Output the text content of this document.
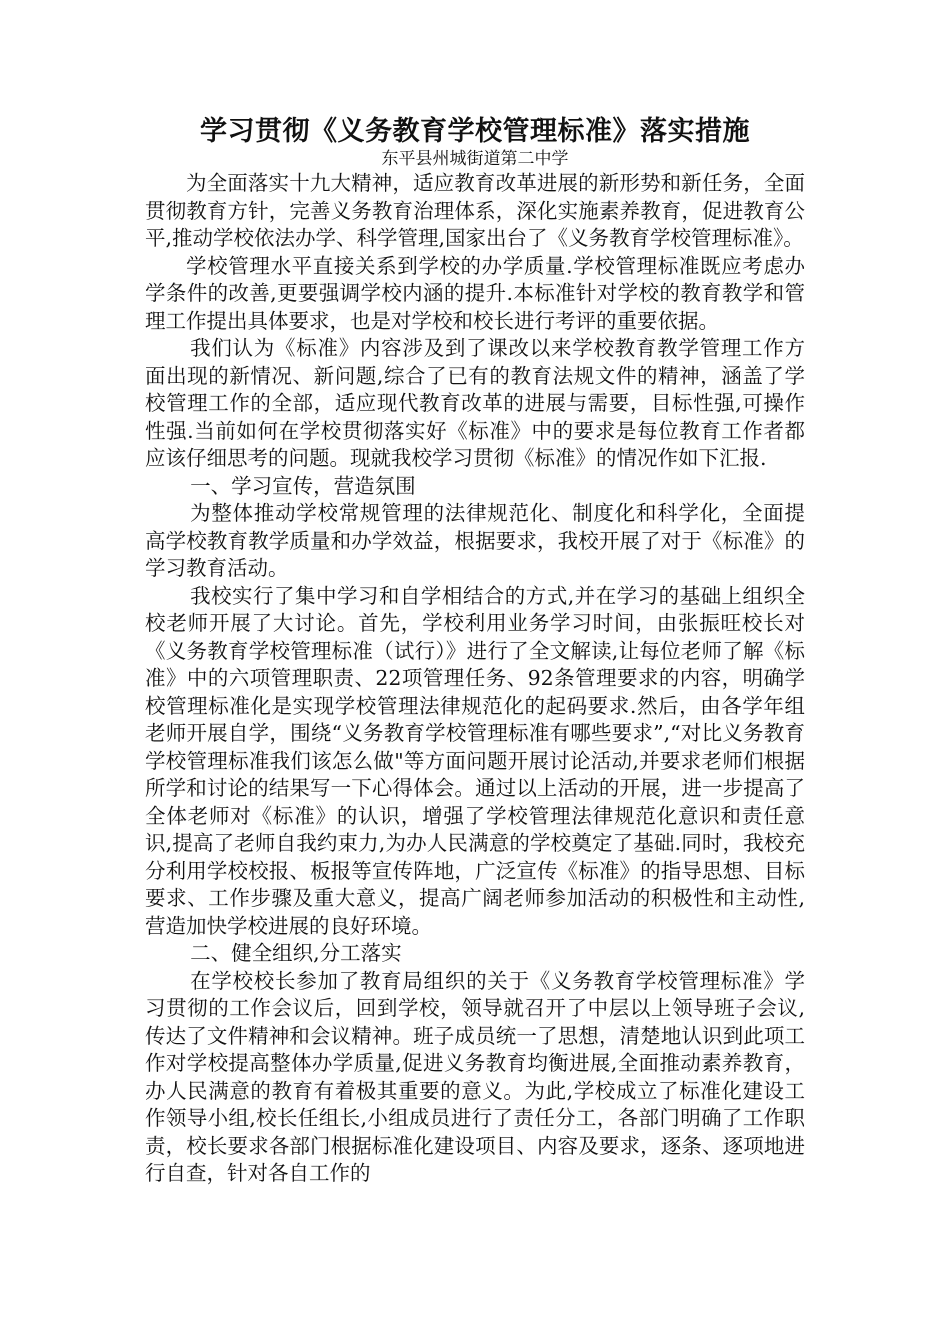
学习贯彻《义务教育学校管理标准》落实措施

东平县州城街道第二中学

为全面落实十九大精神，适应教育改革进展的新形势和新任务，全面贯彻教育方针，完善义务教育治理体系，深化实施素养教育，促进教育公平,推动学校依法办学、科学管理,国家出台了《义务教育学校管理标准》。

学校管理水平直接关系到学校的办学质量.学校管理标准既应考虑办学条件的改善,更要强调学校内涵的提升.本标准针对学校的教育教学和管理工作提出具体要求，也是对学校和校长进行考评的重要依据。

我们认为《标准》内容涉及到了课改以来学校教育教学管理工作方面出现的新情况、新问题,综合了已有的教育法规文件的精神，涵盖了学校管理工作的全部，适应现代教育改革的进展与需要，目标性强,可操作性强.当前如何在学校贯彻落实好《标准》中的要求是每位教育工作者都应该仔细思考的问题。现就我校学习贯彻《标准》的情况作如下汇报.

一、学习宣传，营造氛围

为整体推动学校常规管理的法律规范化、制度化和科学化，全面提高学校教育教学质量和办学效益，根据要求，我校开展了对于《标准》的学习教育活动。

我校实行了集中学习和自学相结合的方式,并在学习的基础上组织全校老师开展了大讨论。首先，学校利用业务学习时间，由张振旺校长对《义务教育学校管理标准（试行）》进行了全文解读,让每位老师了解《标准》中的六项管理职责、22项管理任务、92条管理要求的内容，明确学校管理标准化是实现学校管理法律规范化的起码要求.然后，由各学年组老师开展自学，围绕“义务教育学校管理标准有哪些要求”,“对比义务教育学校管理标准我们该怎么做"等方面问题开展讨论活动,并要求老师们根据所学和讨论的结果写一下心得体会。通过以上活动的开展，进一步提高了全体老师对《标准》的认识，增强了学校管理法律规范化意识和责任意识,提高了老师自我约束力,为办人民满意的学校奠定了基础.同时，我校充分利用学校校报、板报等宣传阵地，广泛宣传《标准》的指导思想、目标要求、工作步骤及重大意义，提高广阔老师参加活动的积极性和主动性,营造加快学校进展的良好环境。

二、健全组织,分工落实

在学校校长参加了教育局组织的关于《义务教育学校管理标准》学习贯彻的工作会议后，回到学校，领导就召开了中层以上领导班子会议,传达了文件精神和会议精神。班子成员统一了思想，清楚地认识到此项工作对学校提高整体办学质量,促进义务教育均衡进展,全面推动素养教育，办人民满意的教育有着极其重要的意义。为此,学校成立了标准化建设工作领导小组,校长任组长,小组成员进行了责任分工，各部门明确了工作职责，校长要求各部门根据标准化建设项目、内容及要求，逐条、逐项地进行自查，针对各自工作的
